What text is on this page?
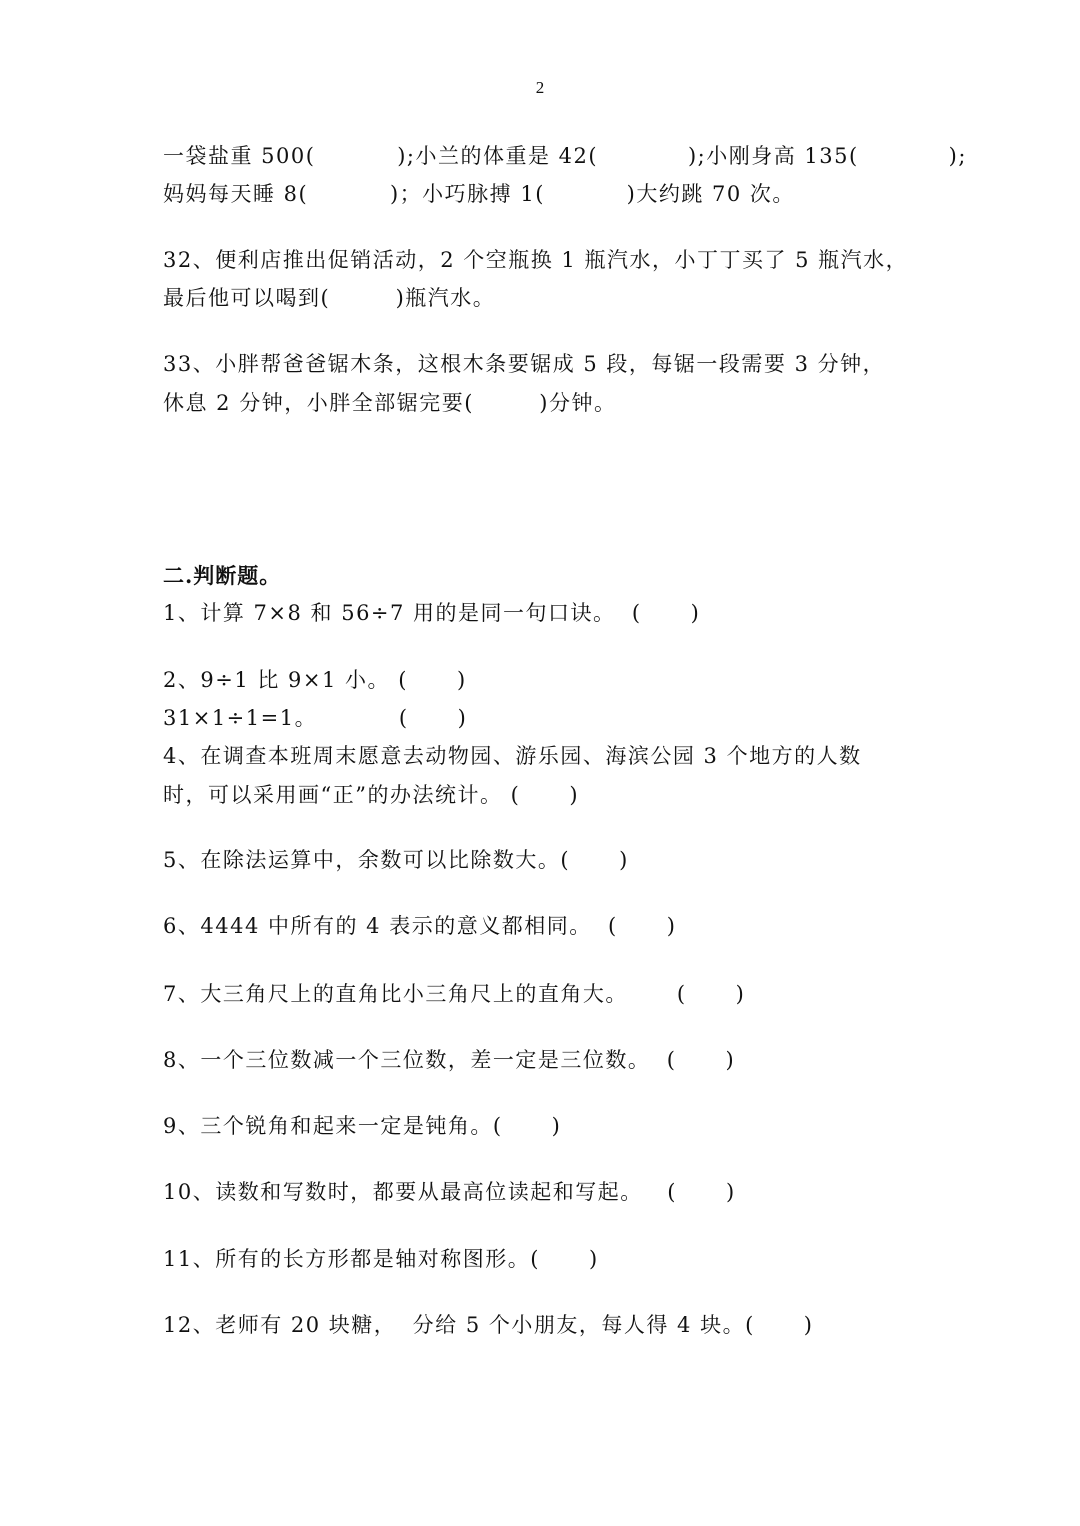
2
一袋盐重 500(          );小兰的体重是 42(           );小刚身高 135(           );
妈妈每天睡 8(          )；小巧脉搏 1(          )大约跳 70 次。
32、便利店推出促销活动，2 个空瓶换 1 瓶汽水，小丁丁买了 5 瓶汽水，
最后他可以喝到(        )瓶汽水。
33、小胖帮爸爸锯木条，这根木条要锯成 5 段，每锯一段需要 3 分钟，
休息 2 分钟，小胖全部锯完要(        )分钟。
二.判断题。
1、计算 7×8 和 56÷7 用的是同一句口诀。  (      )
2、9÷1 比 9×1 小。 (      )
31×1÷1=1。          (      )
4、在调查本班周末愿意去动物园、游乐园、海滨公园 3 个地方的人数
时，可以采用画“正”的办法统计。 (      )
5、在除法运算中，余数可以比除数大。(      )
6、4444 中所有的 4 表示的意义都相同。  (      )
7、大三角尺上的直角比小三角尺上的直角大。      (      )
8、一个三位数减一个三位数，差一定是三位数。  (      )
9、三个锐角和起来一定是钝角。(      )
10、读数和写数时，都要从最高位读起和写起。   (      )
11、所有的长方形都是轴对称图形。(      )
12、老师有 20 块糖，  分给 5 个小朋友，每人得 4 块。(      )
